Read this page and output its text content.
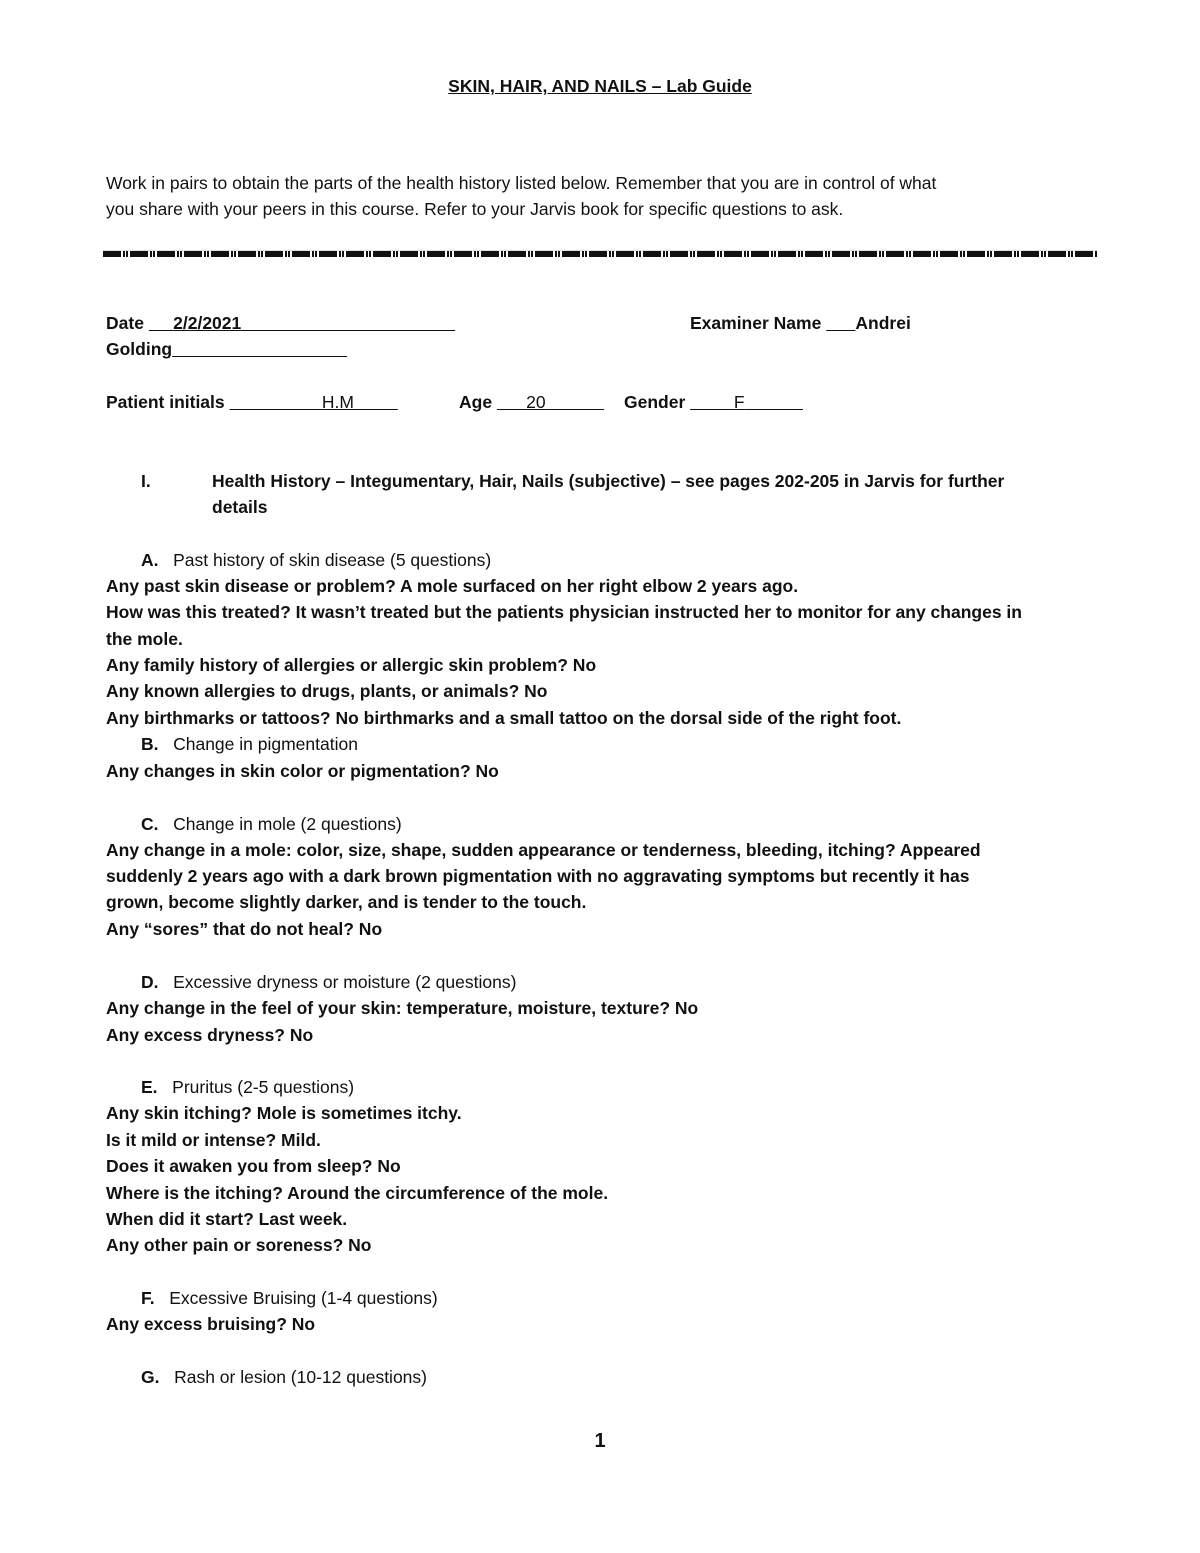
SKIN, HAIR, AND NAILS – Lab Guide
Work in pairs to obtain the parts of the health history listed below. Remember that you are in control of what
you share with your peers in this course. Refer to your Jarvis book for specific questions to ask.
Date 2/2/2021	Examiner Name Andrei
Golding
Patient initials	H.M	Age 20	Gender	F
I.	Health History – Integumentary, Hair, Nails (subjective) – see pages 202-205 in Jarvis for further
details
A. Past history of skin disease (5 questions)
Any past skin disease or problem? A mole surfaced on her right elbow 2 years ago.
How was this treated? It wasn’t treated but the patients physician instructed her to monitor for any changes in
the mole.
Any family history of allergies or allergic skin problem? No
Any known allergies to drugs, plants, or animals? No
Any birthmarks or tattoos? No birthmarks and a small tattoo on the dorsal side of the right foot.
B. Change in pigmentation
Any changes in skin color or pigmentation? No
C. Change in mole (2 questions)
Any change in a mole: color, size, shape, sudden appearance or tenderness, bleeding, itching? Appeared
suddenly 2 years ago with a dark brown pigmentation with no aggravating symptoms but recently it has
grown, become slightly darker, and is tender to the touch.
Any “sores” that do not heal? No
D. Excessive dryness or moisture (2 questions)
Any change in the feel of your skin: temperature, moisture, texture? No
Any excess dryness? No
E. Pruritus (2-5 questions)
Any skin itching? Mole is sometimes itchy.
Is it mild or intense? Mild.
Does it awaken you from sleep? No
Where is the itching? Around the circumference of the mole.
When did it start? Last week.
Any other pain or soreness? No
F. Excessive Bruising (1-4 questions)
Any excess bruising? No
G. Rash or lesion (10-12 questions)
1
